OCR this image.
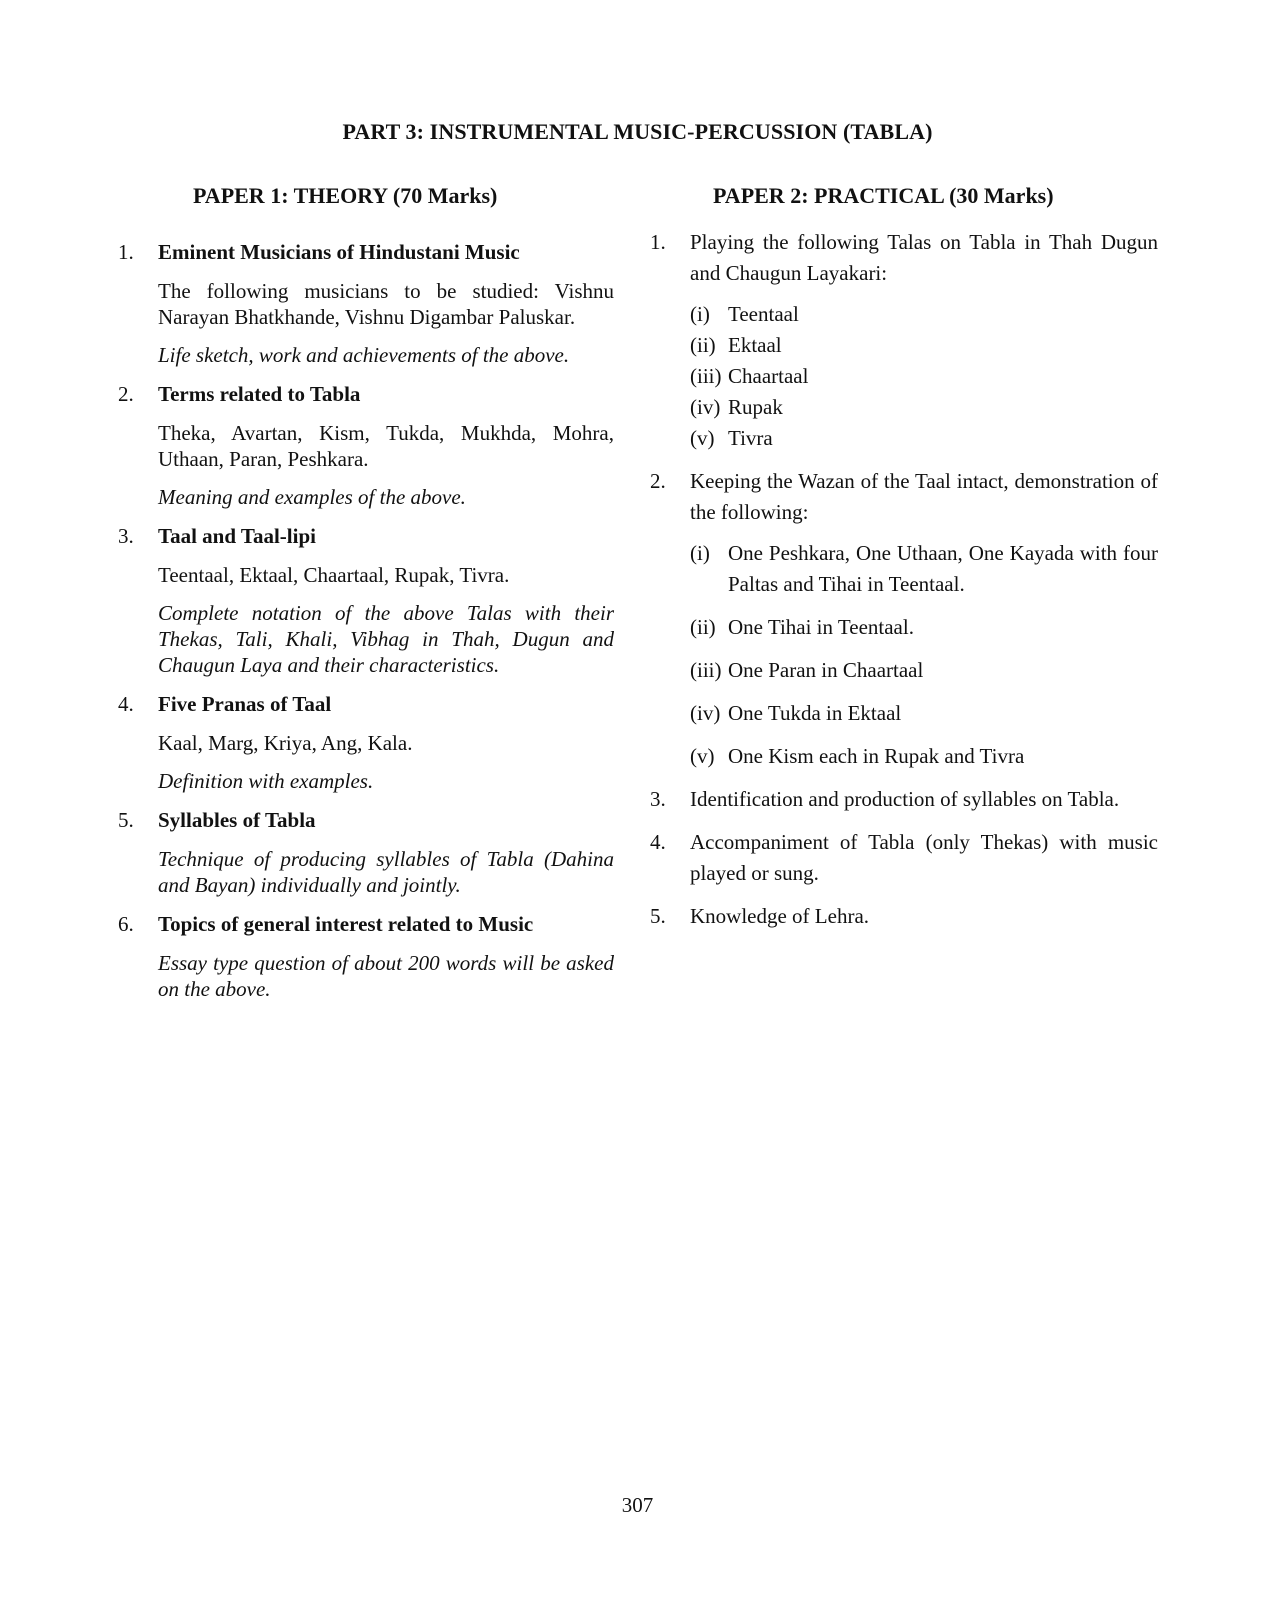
PART 3: INSTRUMENTAL MUSIC-PERCUSSION (TABLA)
PAPER 1: THEORY (70 Marks)
1. Eminent Musicians of Hindustani Music
The following musicians to be studied: Vishnu Narayan Bhatkhande, Vishnu Digambar Paluskar.
Life sketch, work and achievements of the above.
2. Terms related to Tabla
Theka, Avartan, Kism, Tukda, Mukhda, Mohra, Uthaan, Paran, Peshkara.
Meaning and examples of the above.
3. Taal and Taal-lipi
Teentaal, Ektaal, Chaartaal, Rupak, Tivra.
Complete notation of the above Talas with their Thekas, Tali, Khali, Vibhag in Thah, Dugun and Chaugun Laya and their characteristics.
4. Five Pranas of Taal
Kaal, Marg, Kriya, Ang, Kala.
Definition with examples.
5. Syllables of Tabla
Technique of producing syllables of Tabla (Dahina and Bayan) individually and jointly.
6. Topics of general interest related to Music
Essay type question of about 200 words will be asked on the above.
PAPER 2: PRACTICAL (30 Marks)
1. Playing the following Talas on Tabla in Thah Dugun and Chaugun Layakari:
(i) Teentaal
(ii) Ektaal
(iii) Chaartaal
(iv) Rupak
(v) Tivra
2. Keeping the Wazan of the Taal intact, demonstration of the following:
(i) One Peshkara, One Uthaan, One Kayada with four Paltas and Tihai in Teentaal.
(ii) One Tihai in Teentaal.
(iii) One Paran in Chaartaal
(iv) One Tukda in Ektaal
(v) One Kism each in Rupak and Tivra
3. Identification and production of syllables on Tabla.
4. Accompaniment of Tabla (only Thekas) with music played or sung.
5. Knowledge of Lehra.
307
